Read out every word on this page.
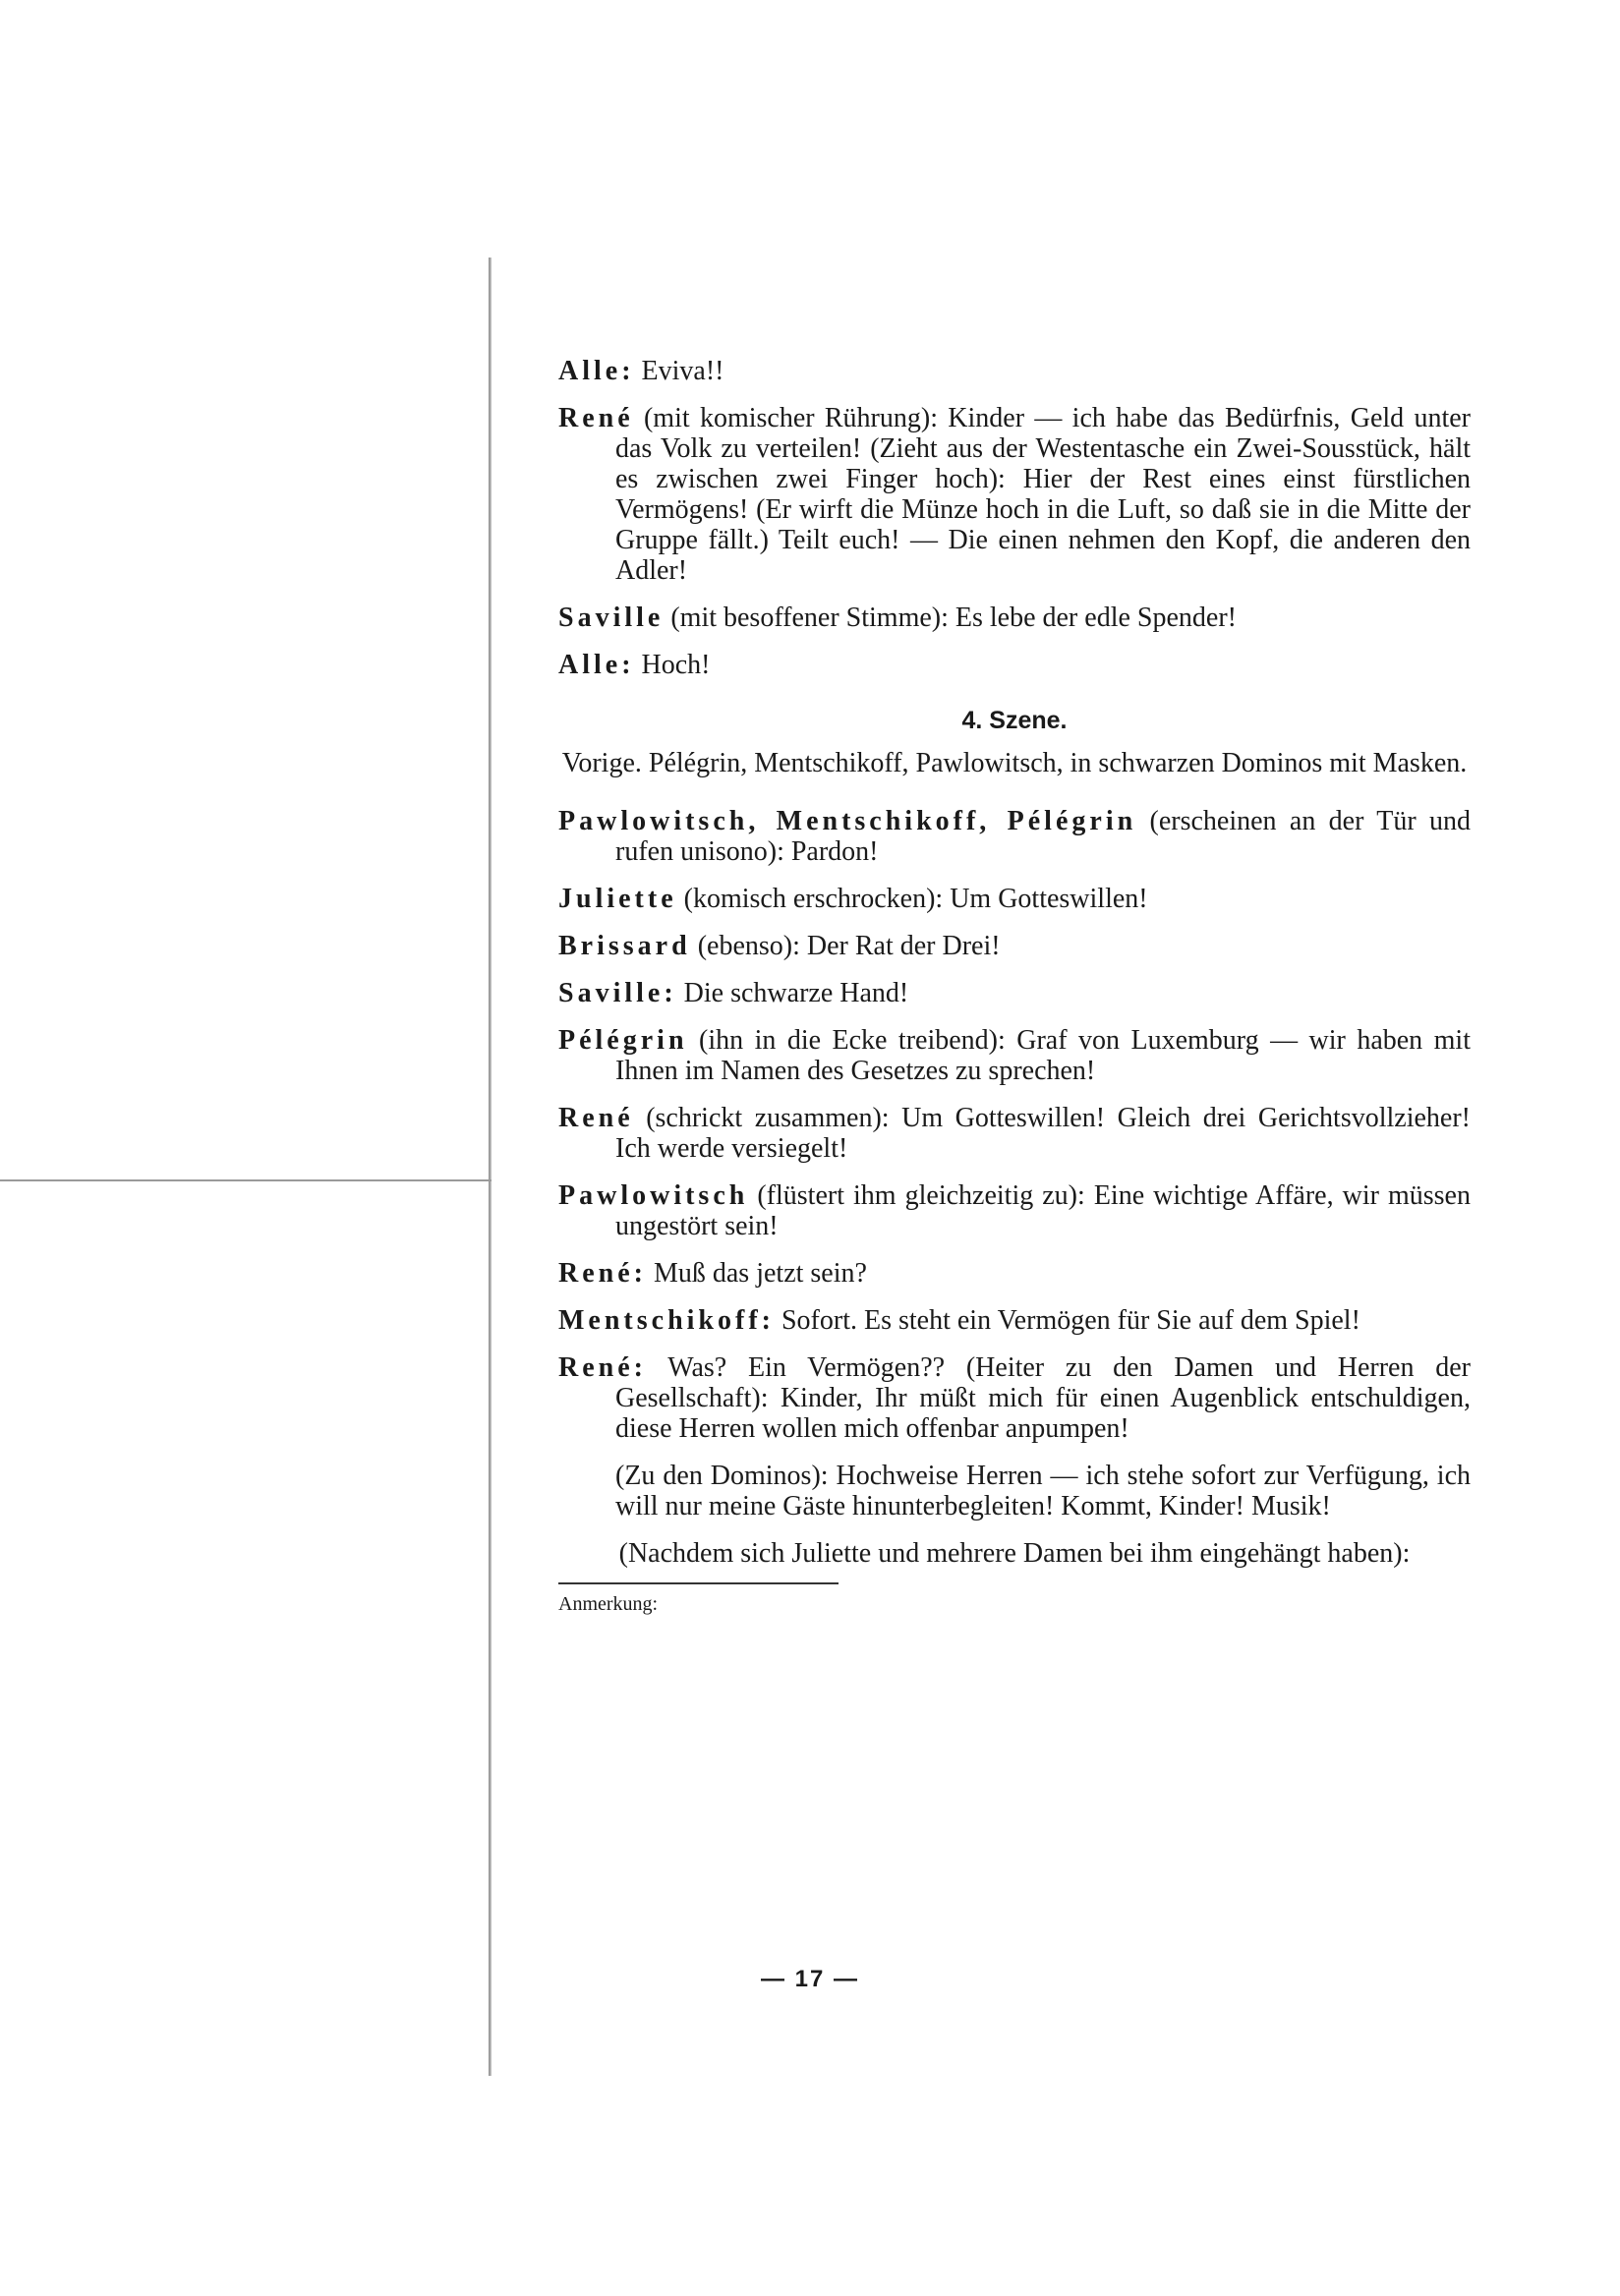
Alle: Eviva!!

René (mit komischer Rührung): Kinder — ich habe das Bedürfnis, Geld unter das Volk zu verteilen! (Zieht aus der Westentasche ein Zwei-Sousstück, hält es zwischen zwei Finger hoch): Hier der Rest eines einst fürstlichen Vermögens! (Er wirft die Münze hoch in die Luft, so daß sie in die Mitte der Gruppe fällt.) Teilt euch! — Die einen nehmen den Kopf, die anderen den Adler!

Saville (mit besoffener Stimme): Es lebe der edle Spender!

Alle: Hoch!

4. Szene.
Vorige. Pélégrin, Mentschikoff, Pawlowitsch, in schwarzen Dominos mit Masken.

Pawlowitsch, Mentschikoff, Pélégrin (erscheinen an der Tür und rufen unisono): Pardon!

Juliette (komisch erschrocken): Um Gotteswillen!

Brissard (ebenso): Der Rat der Drei!

Saville: Die schwarze Hand!

Pélégrin (ihn in die Ecke treibend): Graf von Luxemburg — wir haben mit Ihnen im Namen des Gesetzes zu sprechen!

René (schrickt zusammen): Um Gotteswillen! Gleich drei Gerichtsvollzieher! Ich werde versiegelt!

Pawlowitsch (flüstert ihm gleichzeitig zu): Eine wichtige Affäre, wir müssen ungestört sein!

René: Muß das jetzt sein?

Mentschikoff: Sofort. Es steht ein Vermögen für Sie auf dem Spiel!

René: Was? Ein Vermögen?? (Heiter zu den Damen und Herren der Gesellschaft): Kinder, Ihr müßt mich für einen Augenblick entschuldigen, diese Herren wollen mich offenbar anpumpen!

(Zu den Dominos): Hochweise Herren — ich stehe sofort zur Verfügung, ich will nur meine Gäste hinunterbegleiten! Kommt, Kinder! Musik!

(Nachdem sich Juliette und mehrere Damen bei ihm eingehängt haben):

Anmerkung:
— 17 —
